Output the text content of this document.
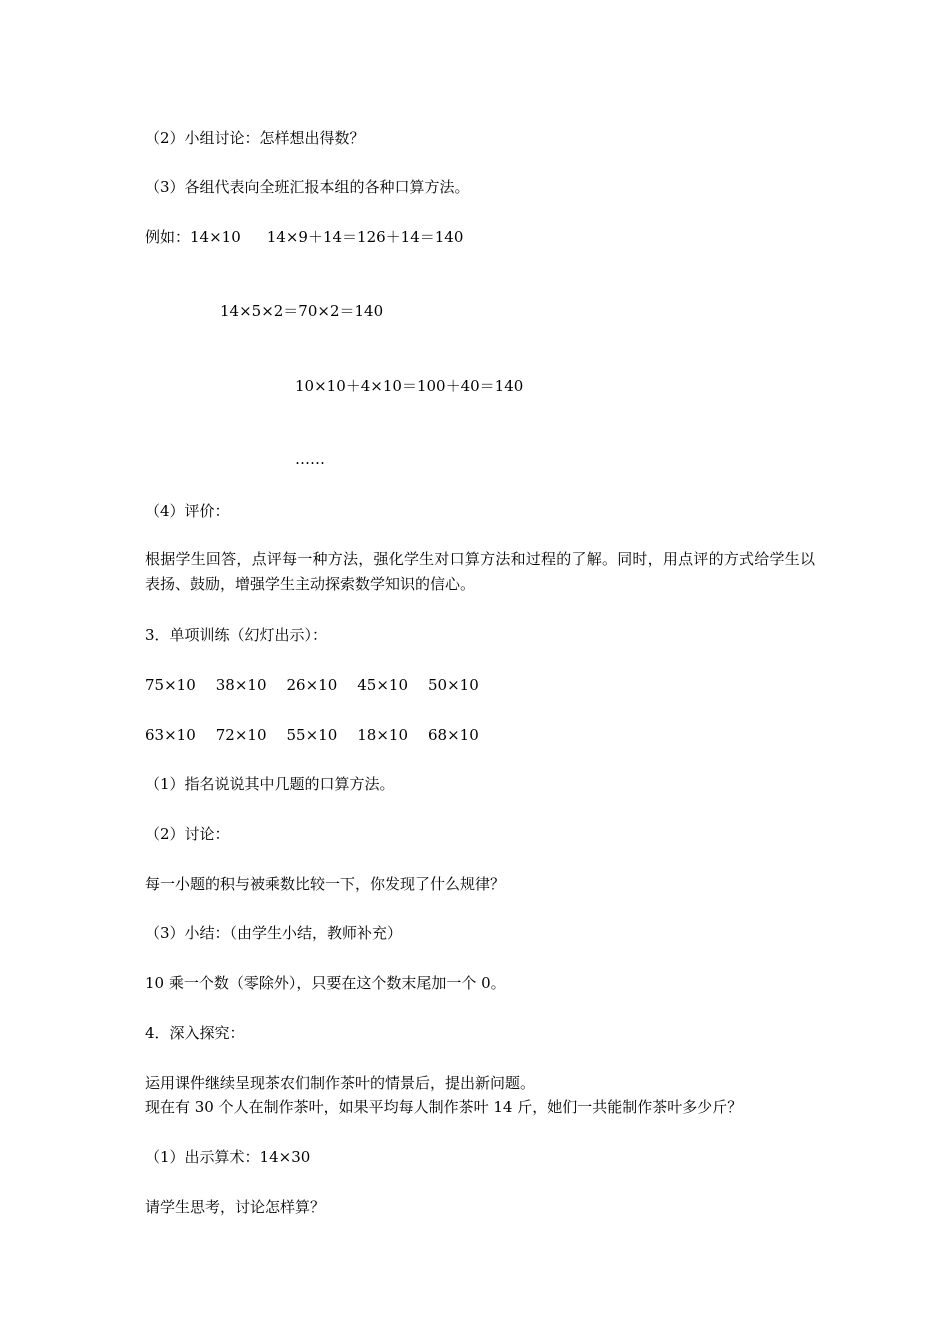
（2）小组讨论：怎样想出得数？
（3）各组代表向全班汇报本组的各种口算方法。
例如：14×10 14×9＋14＝126＋14＝140
14×5×2＝70×2＝140
10×10＋4×10＝100＋40＝140
……
（4）评价：
根据学生回答，点评每一种方法，强化学生对口算方法和过程的了解。同时，用点评的方式给学生以表扬、鼓励，增强学生主动探索数学知识的信心。
3．单项训练（幻灯出示）：
75×10 38×10 26×10 45×10 50×10
63×10 72×10 55×10 18×10 68×10
（1）指名说说其中几题的口算方法。
（2）讨论：
每一小题的积与被乘数比较一下，你发现了什么规律？
（3）小结：（由学生小结，教师补充）
10 乘一个数（零除外），只要在这个数末尾加一个 0。
4．深入探究：
运用课件继续呈现茶农们制作茶叶的情景后，提出新问题。
现在有 30 个人在制作茶叶，如果平均每人制作茶叶 14 斤，她们一共能制作茶叶多少斤？
（1）出示算术：14×30
请学生思考，讨论怎样算？
